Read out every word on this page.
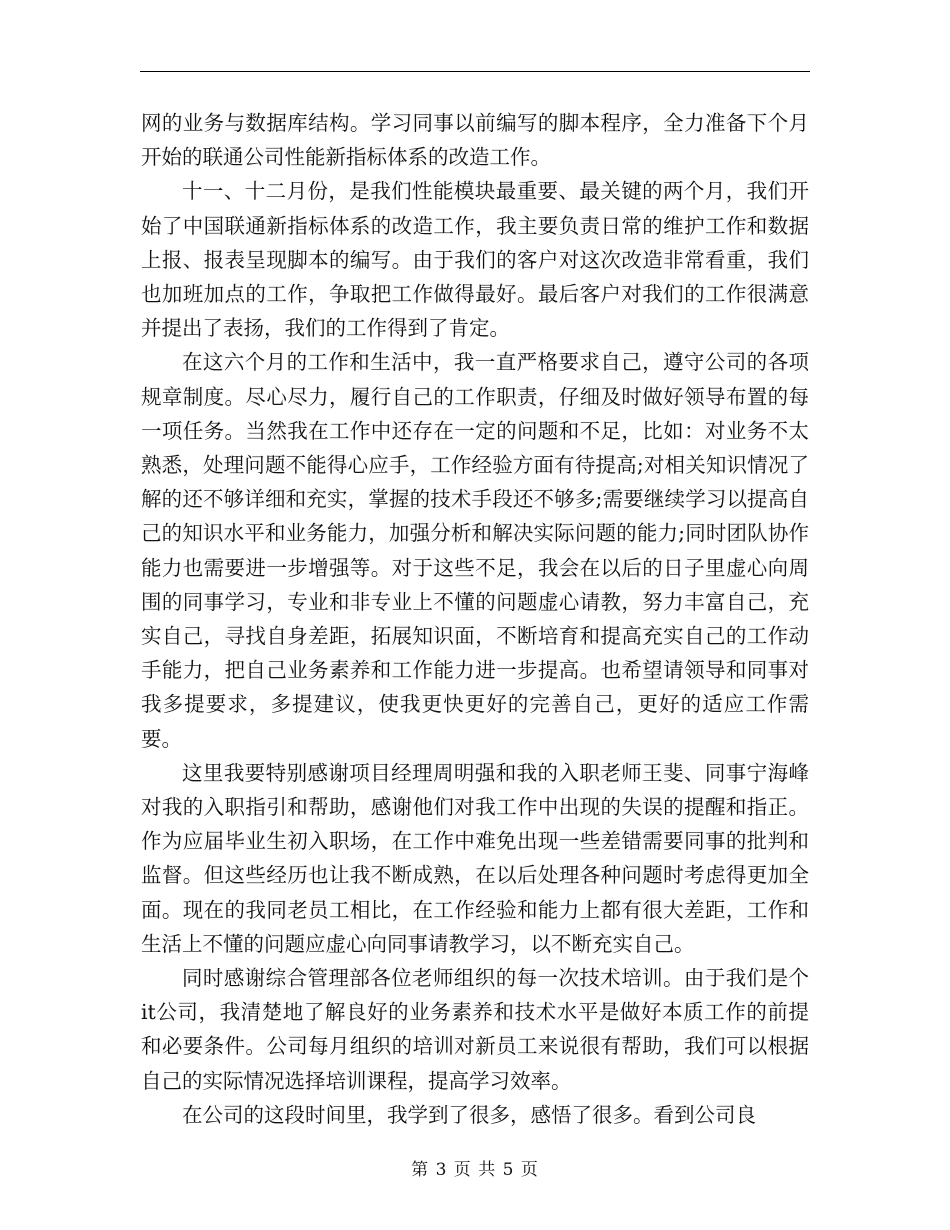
网的业务与数据库结构。学习同事以前编写的脚本程序，全力准备下个月开始的联通公司性能新指标体系的改造工作。

十一、十二月份，是我们性能模块最重要、最关键的两个月，我们开始了中国联通新指标体系的改造工作，我主要负责日常的维护工作和数据上报、报表呈现脚本的编写。由于我们的客户对这次改造非常看重，我们也加班加点的工作，争取把工作做得最好。最后客户对我们的工作很满意并提出了表扬，我们的工作得到了肯定。

在这六个月的工作和生活中，我一直严格要求自己，遵守公司的各项规章制度。尽心尽力，履行自己的工作职责，仔细及时做好领导布置的每一项任务。当然我在工作中还存在一定的问题和不足，比如：对业务不太熟悉，处理问题不能得心应手，工作经验方面有待提高;对相关知识情况了解的还不够详细和充实，掌握的技术手段还不够多;需要继续学习以提高自己的知识水平和业务能力，加强分析和解决实际问题的能力;同时团队协作能力也需要进一步增强等。对于这些不足，我会在以后的日子里虚心向周围的同事学习，专业和非专业上不懂的问题虚心请教，努力丰富自己，充实自己，寻找自身差距，拓展知识面，不断培育和提高充实自己的工作动手能力，把自己业务素养和工作能力进一步提高。也希望请领导和同事对我多提要求，多提建议，使我更快更好的完善自己，更好的适应工作需要。

这里我要特别感谢项目经理周明强和我的入职老师王斐、同事宁海峰对我的入职指引和帮助，感谢他们对我工作中出现的失误的提醒和指正。作为应届毕业生初入职场，在工作中难免出现一些差错需要同事的批判和监督。但这些经历也让我不断成熟，在以后处理各种问题时考虑得更加全面。现在的我同老员工相比，在工作经验和能力上都有很大差距，工作和生活上不懂的问题应虚心向同事请教学习，以不断充实自己。

同时感谢综合管理部各位老师组织的每一次技术培训。由于我们是个it公司，我清楚地了解良好的业务素养和技术水平是做好本质工作的前提和必要条件。公司每月组织的培训对新员工来说很有帮助，我们可以根据自己的实际情况选择培训课程，提高学习效率。

在公司的这段时间里，我学到了很多，感悟了很多。看到公司良

第 3 页 共 5 页
